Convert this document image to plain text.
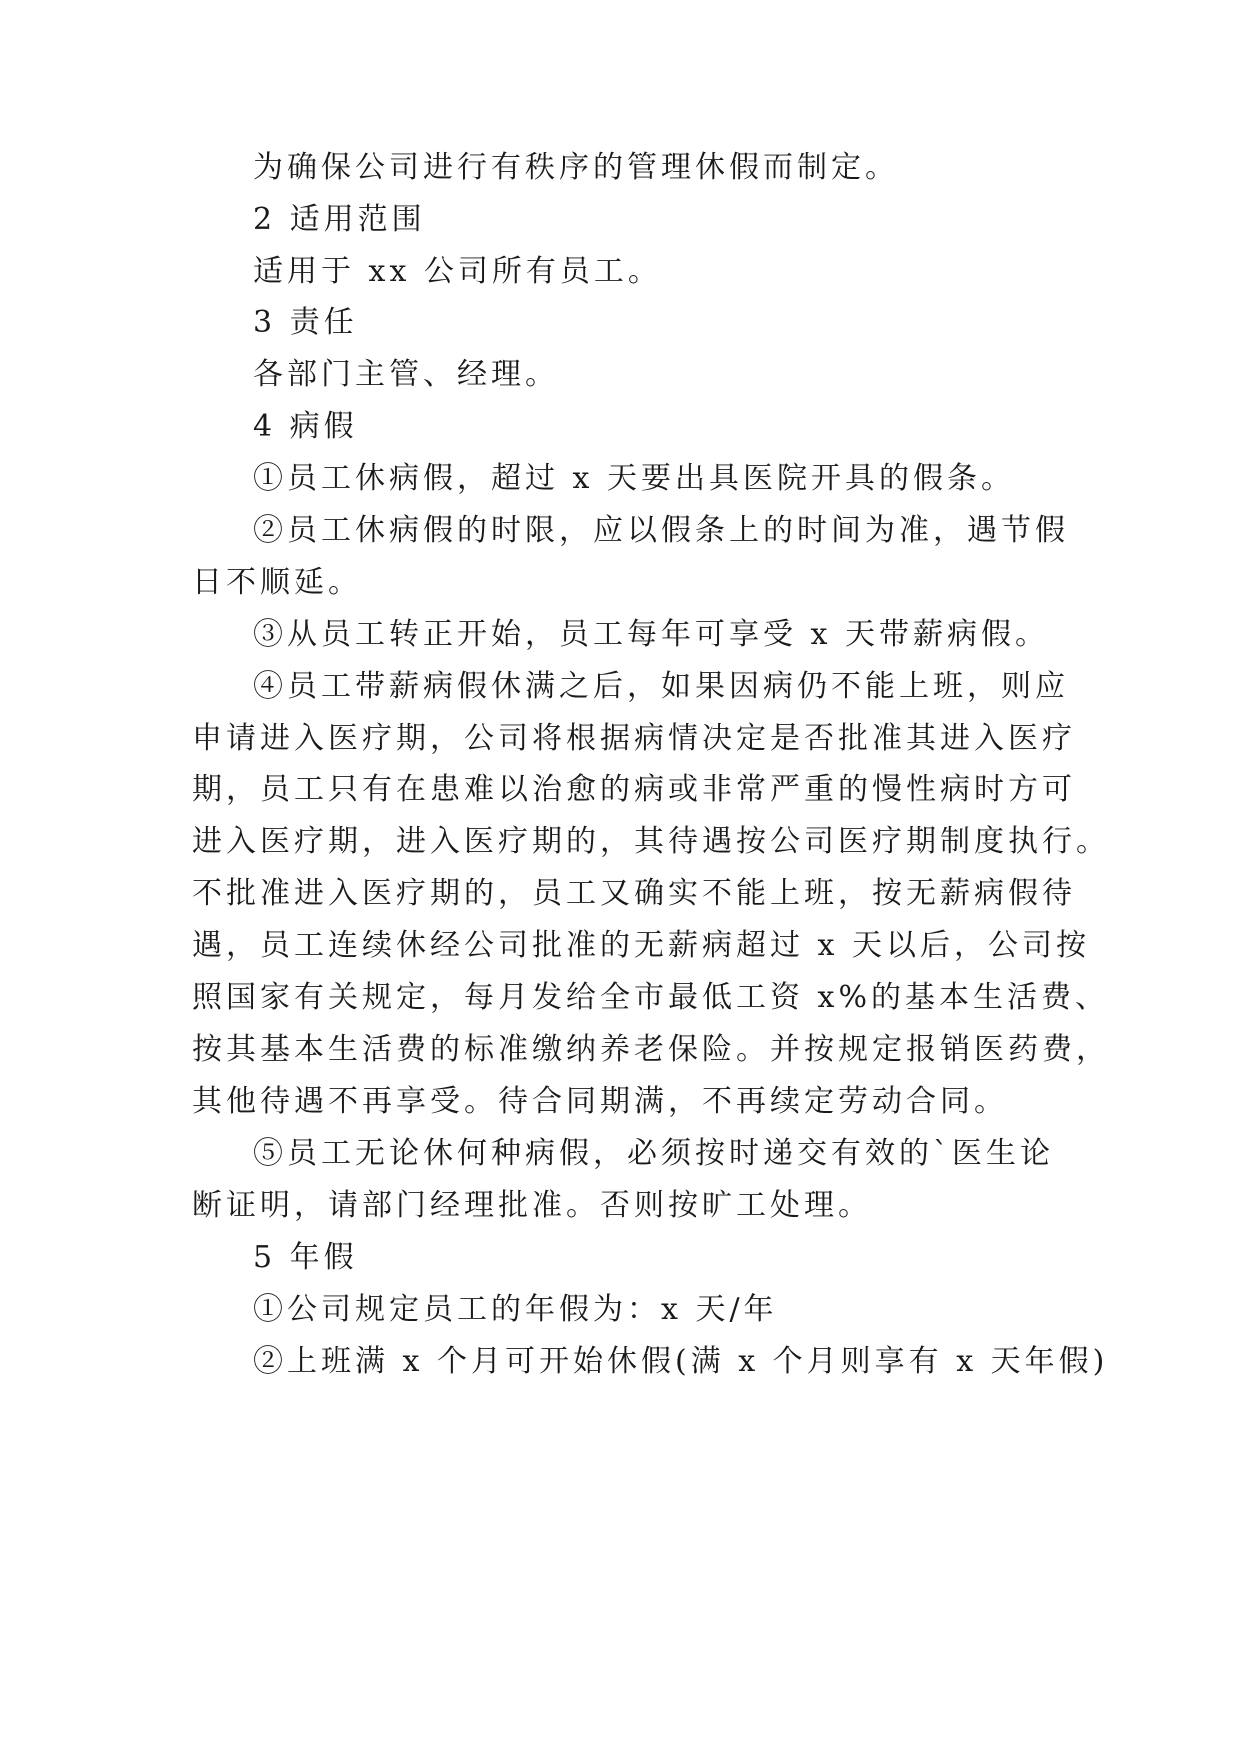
为确保公司进行有秩序的管理休假而制定。
2 适用范围
适用于 xx 公司所有员工。
3 责任
各部门主管、经理。
4 病假
①员工休病假，超过 x 天要出具医院开具的假条。
②员工休病假的时限，应以假条上的时间为准，遇节假
日不顺延。
③从员工转正开始，员工每年可享受 x 天带薪病假。
④员工带薪病假休满之后，如果因病仍不能上班，则应
申请进入医疗期，公司将根据病情决定是否批准其进入医疗
期，员工只有在患难以治愈的病或非常严重的慢性病时方可
进入医疗期，进入医疗期的，其待遇按公司医疗期制度执行。
不批准进入医疗期的，员工又确实不能上班，按无薪病假待
遇，员工连续休经公司批准的无薪病超过 x 天以后，公司按
照国家有关规定，每月发给全市最低工资 x%的基本生活费、
按其基本生活费的标准缴纳养老保险。并按规定报销医药费，
其他待遇不再享受。待合同期满，不再续定劳动合同。
⑤员工无论休何种病假，必须按时递交有效的`医生论
断证明，请部门经理批准。否则按旷工处理。
5 年假
①公司规定员工的年假为：x 天/年
②上班满 x 个月可开始休假(满 x 个月则享有 x 天年假)
